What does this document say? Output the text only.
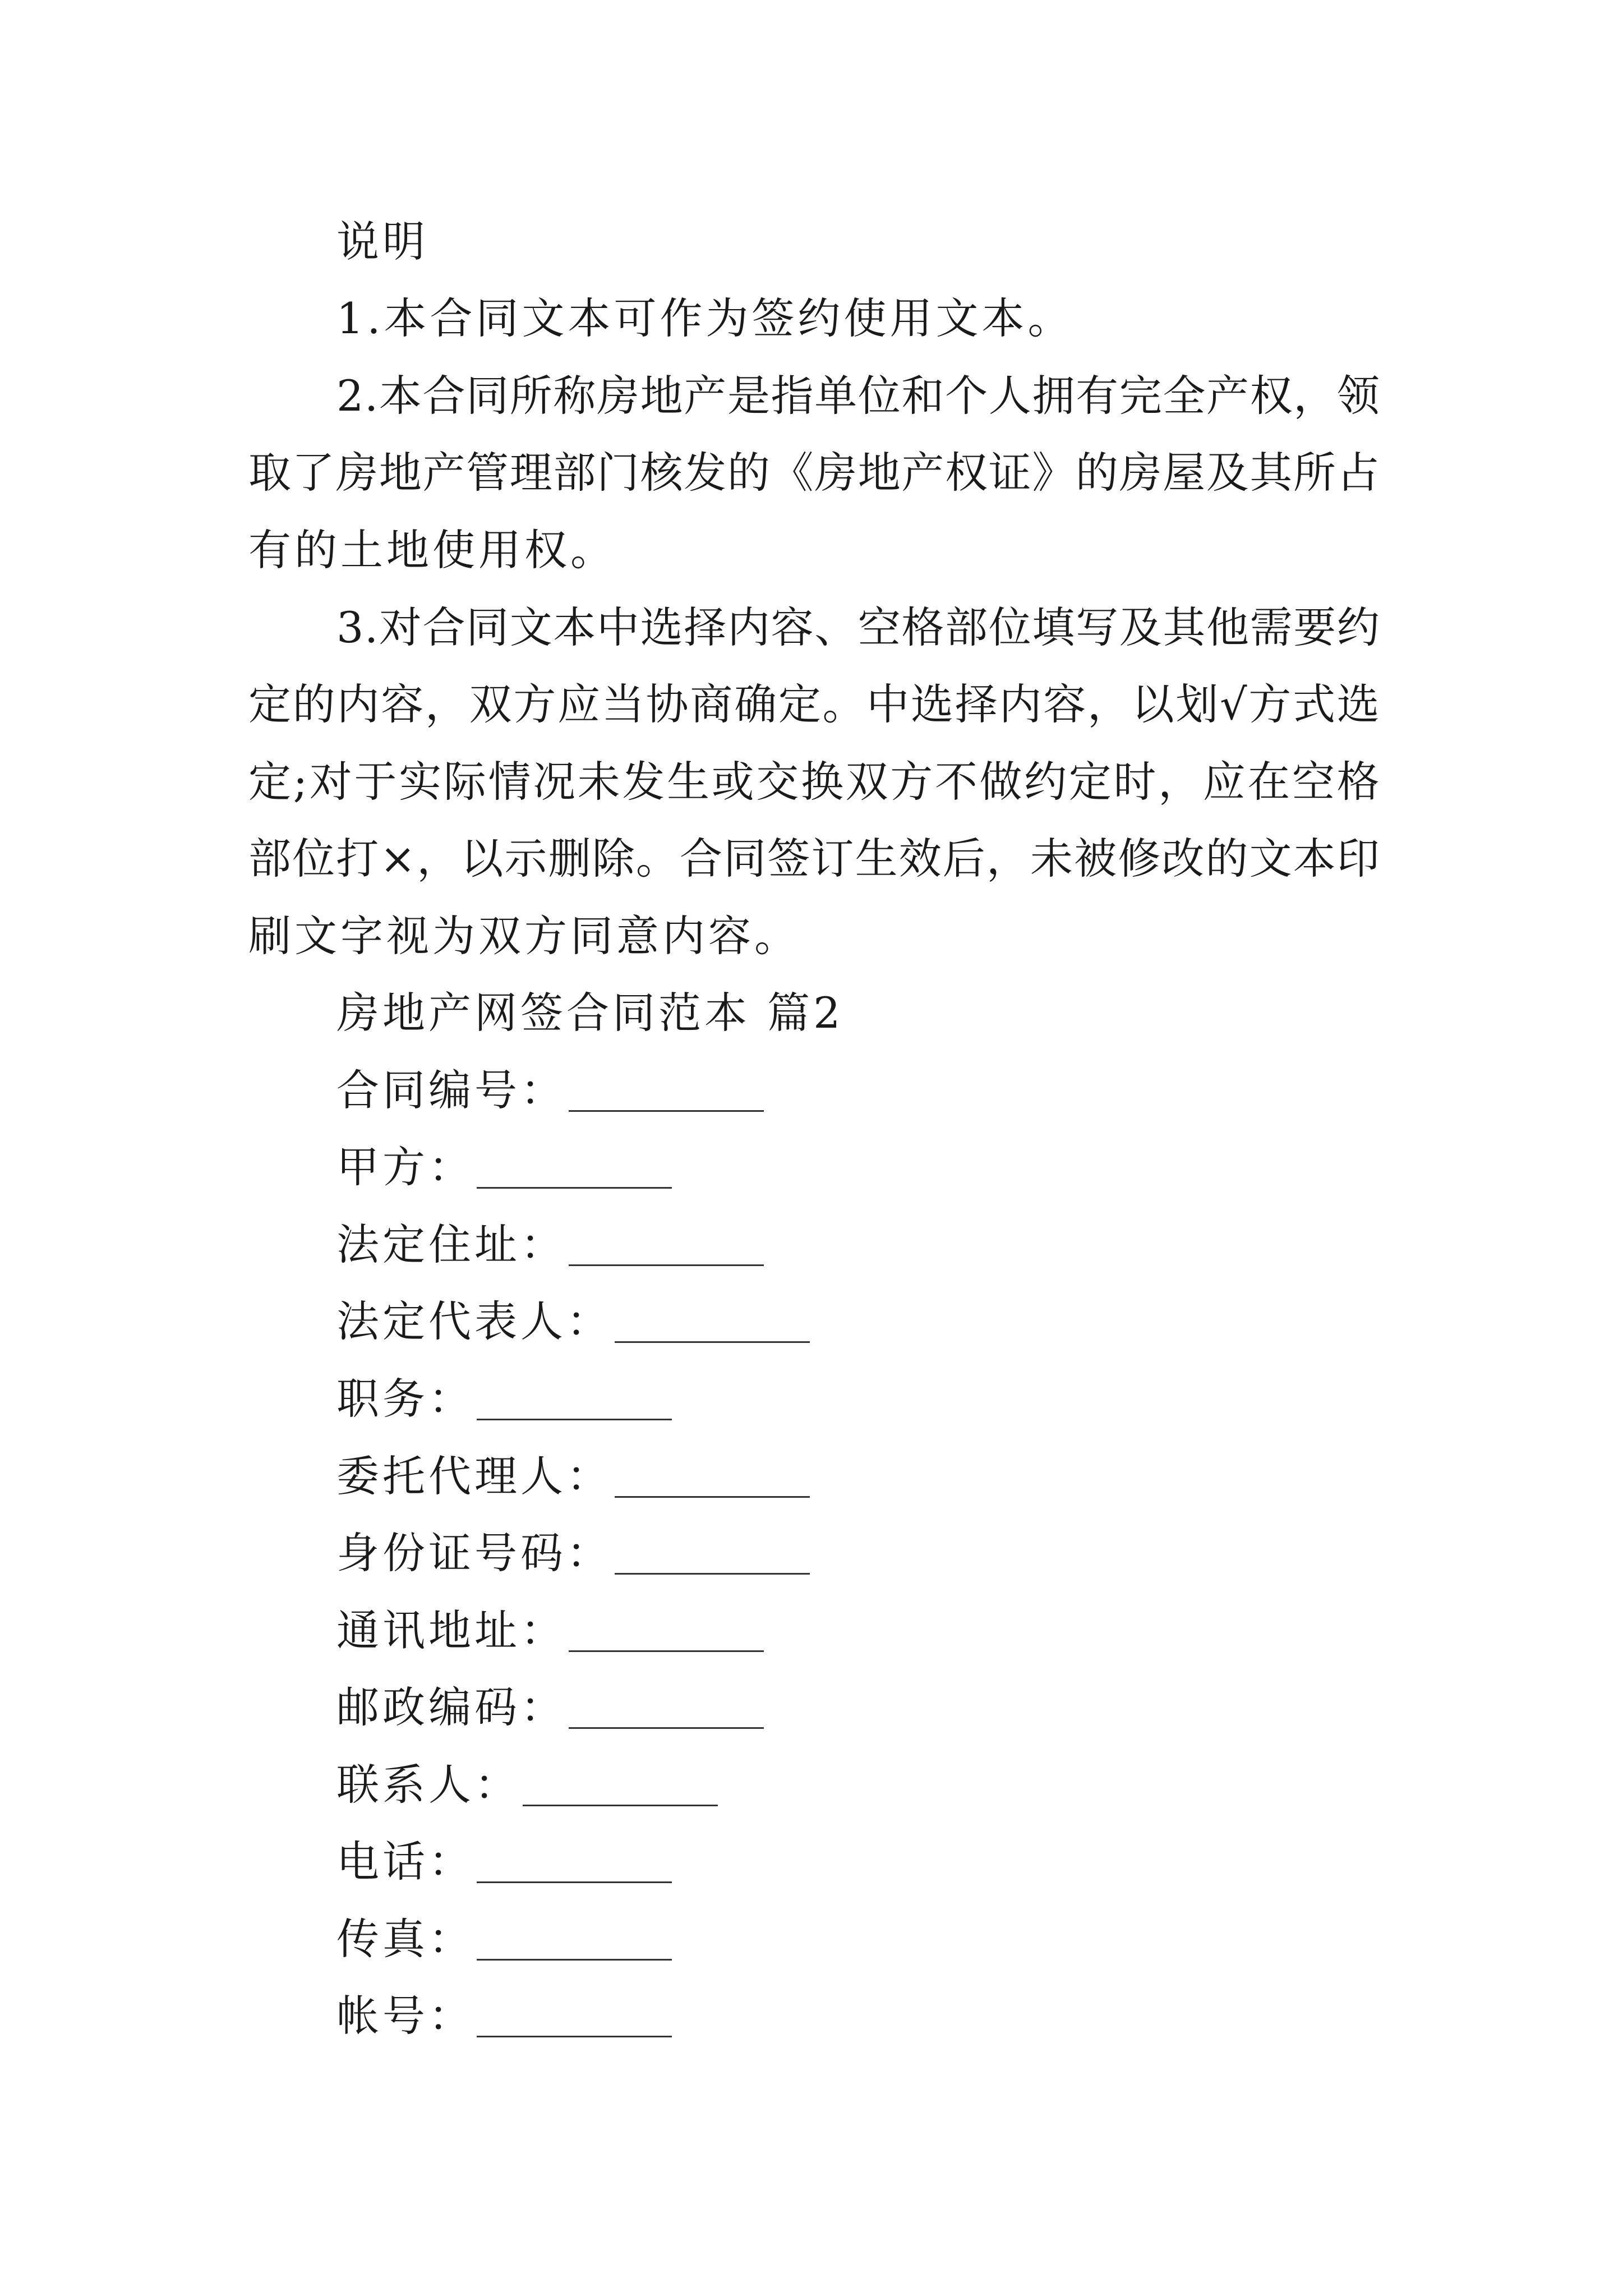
说明
1.本合同文本可作为签约使用文本。
2 . 本 合 同 所 称 房 地 产 是 指 单 位 和 个 人 拥 有 完 全 产 权 ， 领
取 了 房 地 产 管 理 部 门 核 发 的 《 房 地 产 权 证 》 的 房 屋 及 其 所 占
有的土地使用权。
3 . 对 合 同 文 本 中 选 择 内 容 、 空 格 部 位 填 写 及 其 他 需 要 约
定 的 内 容 ， 双 方 应 当 协 商 确 定 。 中 选 择 内 容 ， 以 划 √ 方 式 选
定 ; 对 于 实 际 情 况 未 发 生 或 交 换 双 方 不 做 约 定 时 ， 应 在 空 格
部 位 打 × ， 以 示 删 除 。 合 同 签 订 生 效 后 ， 未 被 修 改 的 文 本 印
刷文字视为双方同意内容。
房地产网签合同范本 篇2
合同编号：
甲方：
法定住址：
法定代表人：
职务：
委托代理人：
身份证号码：
通讯地址：
邮政编码：
联系人：
电话：
传真：
帐号：
